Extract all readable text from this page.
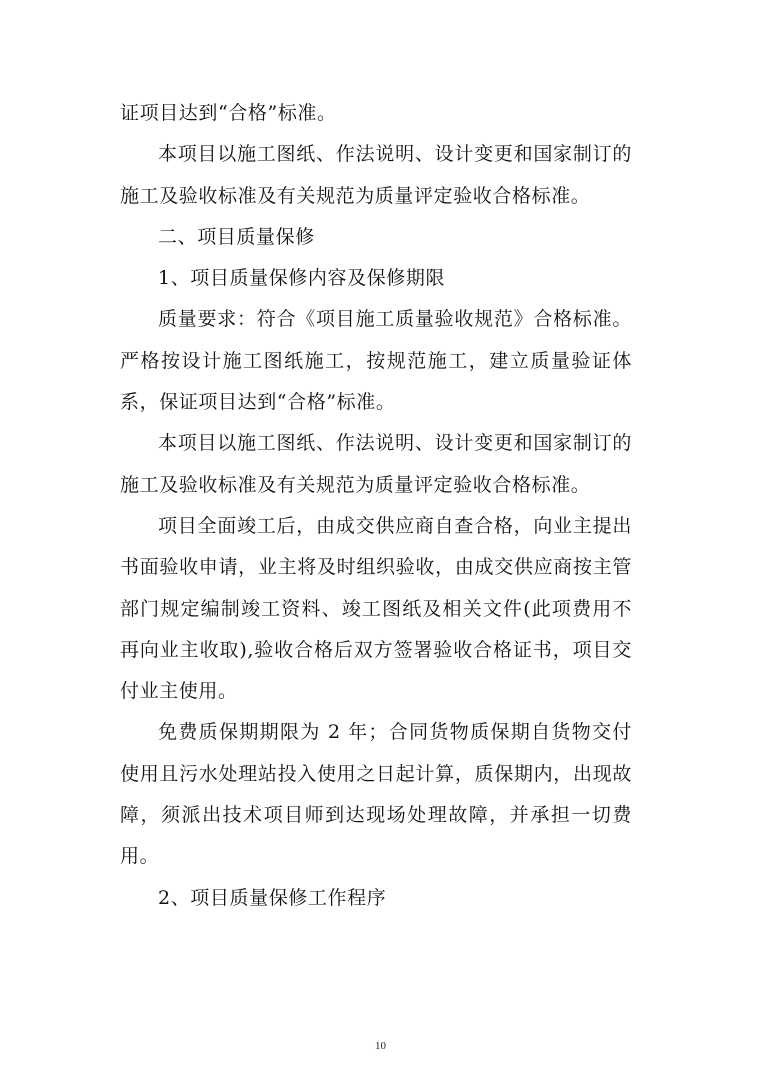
证项目达到“合格”标准。

本项目以施工图纸、作法说明、设计变更和国家制订的施工及验收标准及有关规范为质量评定验收合格标准。

二、项目质量保修

1、项目质量保修内容及保修期限

质量要求：符合《项目施工质量验收规范》合格标准。严格按设计施工图纸施工，按规范施工，建立质量验证体系，保证项目达到“合格”标准。

本项目以施工图纸、作法说明、设计变更和国家制订的施工及验收标准及有关规范为质量评定验收合格标准。

项目全面竣工后，由成交供应商自查合格，向业主提出书面验收申请，业主将及时组织验收，由成交供应商按主管部门规定编制竣工资料、竣工图纸及相关文件(此项费用不再向业主收取),验收合格后双方签署验收合格证书，项目交付业主使用。

免费质保期期限为 2 年；合同货物质保期自货物交付使用且污水处理站投入使用之日起计算，质保期内，出现故障，须派出技术项目师到达现场处理故障，并承担一切费用。

2、项目质量保修工作程序

10
